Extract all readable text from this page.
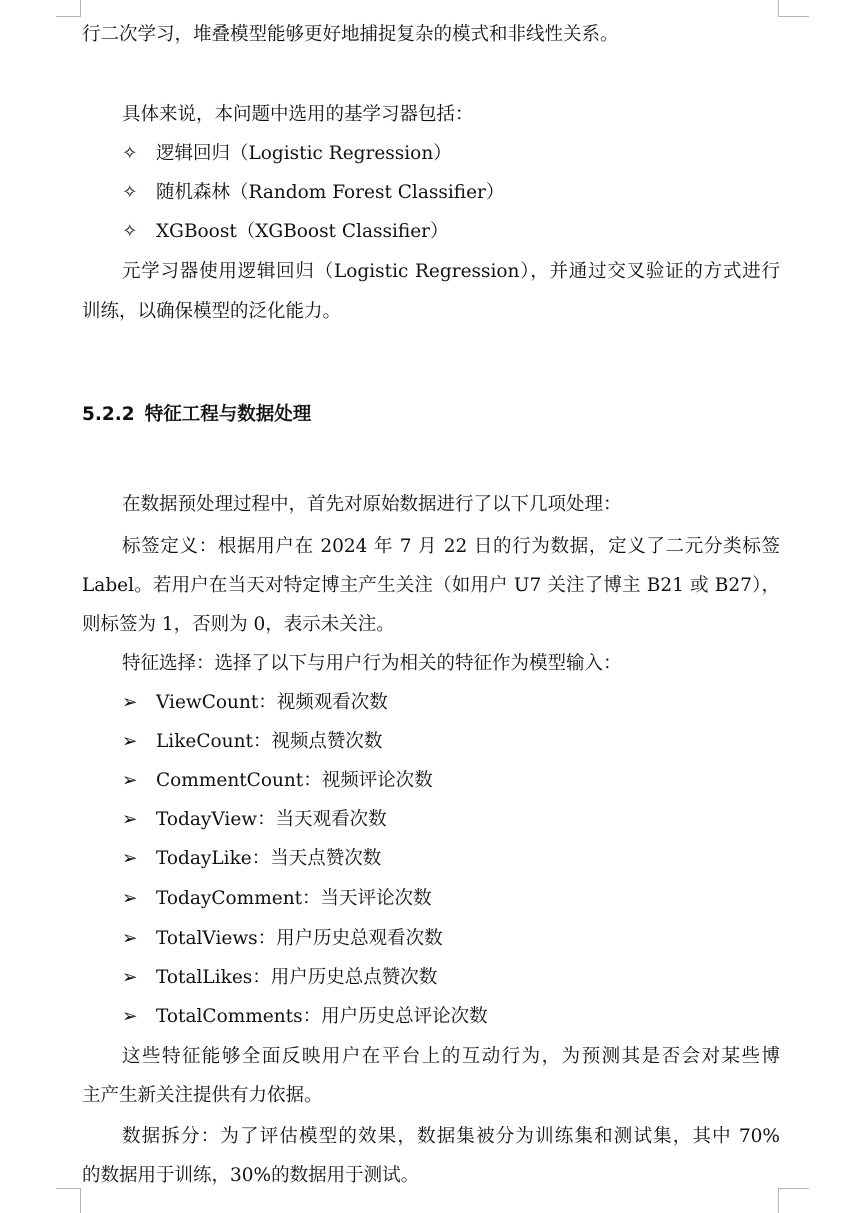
行二次学习，堆叠模型能够更好地捕捉复杂的模式和非线性关系。
具体来说，本问题中选用的基学习器包括：
✧ 逻辑回归（Logistic Regression）
✧ 随机森林（Random Forest Classifier）
✧ XGBoost（XGBoost Classifier）
元学习器使用逻辑回归（Logistic Regression），并通过交叉验证的方式进行
训练，以确保模型的泛化能力。
5.2.2 特征工程与数据处理
在数据预处理过程中，首先对原始数据进行了以下几项处理：
标签定义：根据用户在 2024 年 7 月 22 日的行为数据，定义了二元分类标签
Label。若用户在当天对特定博主产生关注（如用户 U7 关注了博主 B21 或 B27），
则标签为 1，否则为 0，表示未关注。
特征选择：选择了以下与用户行为相关的特征作为模型输入：
➢ ViewCount：视频观看次数
➢ LikeCount：视频点赞次数
➢ CommentCount：视频评论次数
➢ TodayView：当天观看次数
➢ TodayLike：当天点赞次数
➢ TodayComment：当天评论次数
➢ TotalViews：用户历史总观看次数
➢ TotalLikes：用户历史总点赞次数
➢ TotalComments：用户历史总评论次数
这些特征能够全面反映用户在平台上的互动行为，为预测其是否会对某些博
主产生新关注提供有力依据。
数据拆分：为了评估模型的效果，数据集被分为训练集和测试集，其中 70%
的数据用于训练，30%的数据用于测试。
